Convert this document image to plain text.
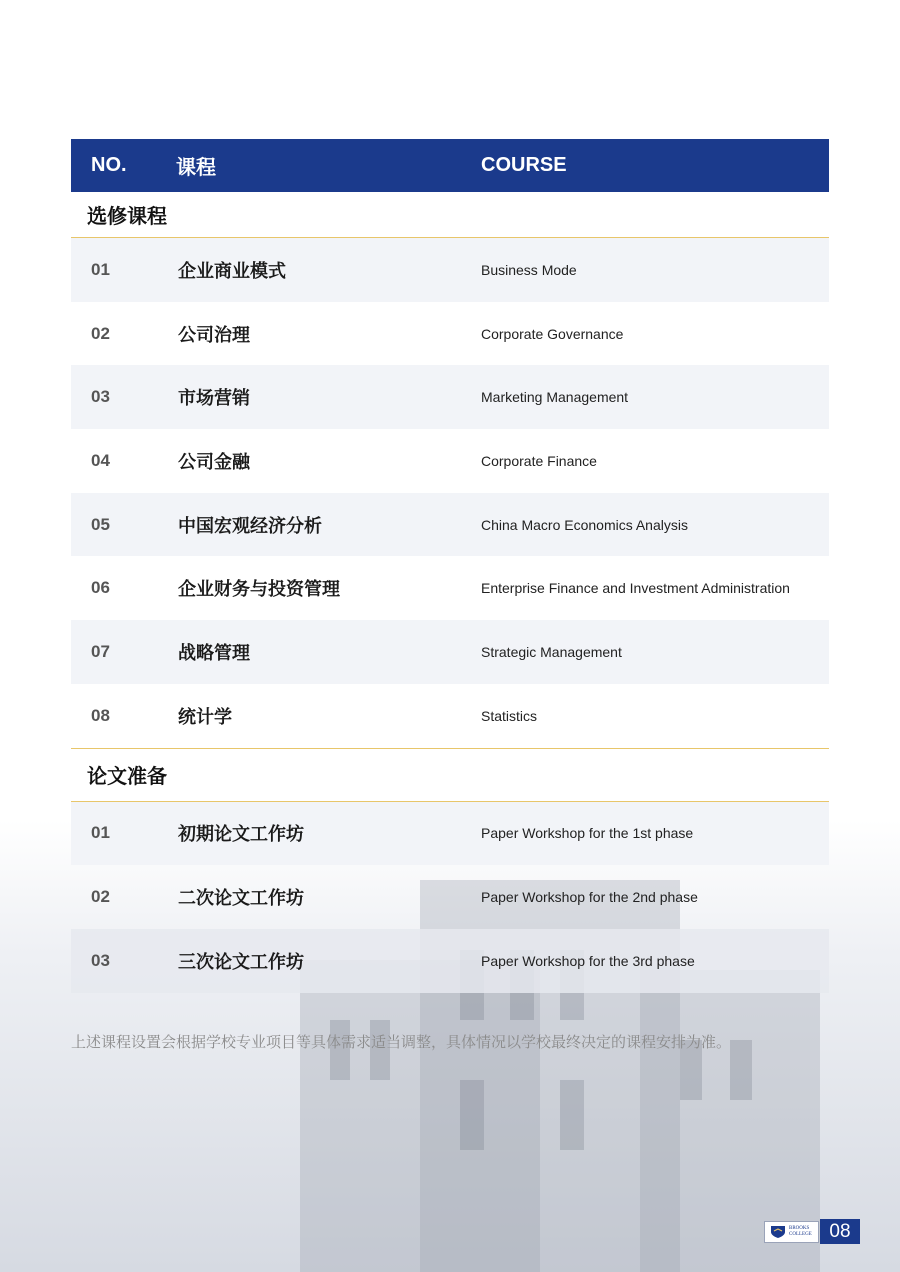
NO.	课程	COURSE
选修课程
01	企业商业模式	Business Mode
02	公司治理	Corporate Governance
03	市场营销	Marketing Management
04	公司金融	Corporate Finance
05	中国宏观经济分析	China Macro Economics Analysis
06	企业财务与投资管理	Enterprise Finance and Investment Administration
07	战略管理	Strategic Management
08	统计学	Statistics
论文准备
01	初期论文工作坊	Paper Workshop for the 1st phase
02	二次论文工作坊	Paper Workshop for the 2nd phase
03	三次论文工作坊	Paper Workshop for the 3rd phase
上述课程设置会根据学校专业项目等具体需求适当调整，具体情况以学校最终决定的课程安排为准。
BROOKS COLLEGE 08
